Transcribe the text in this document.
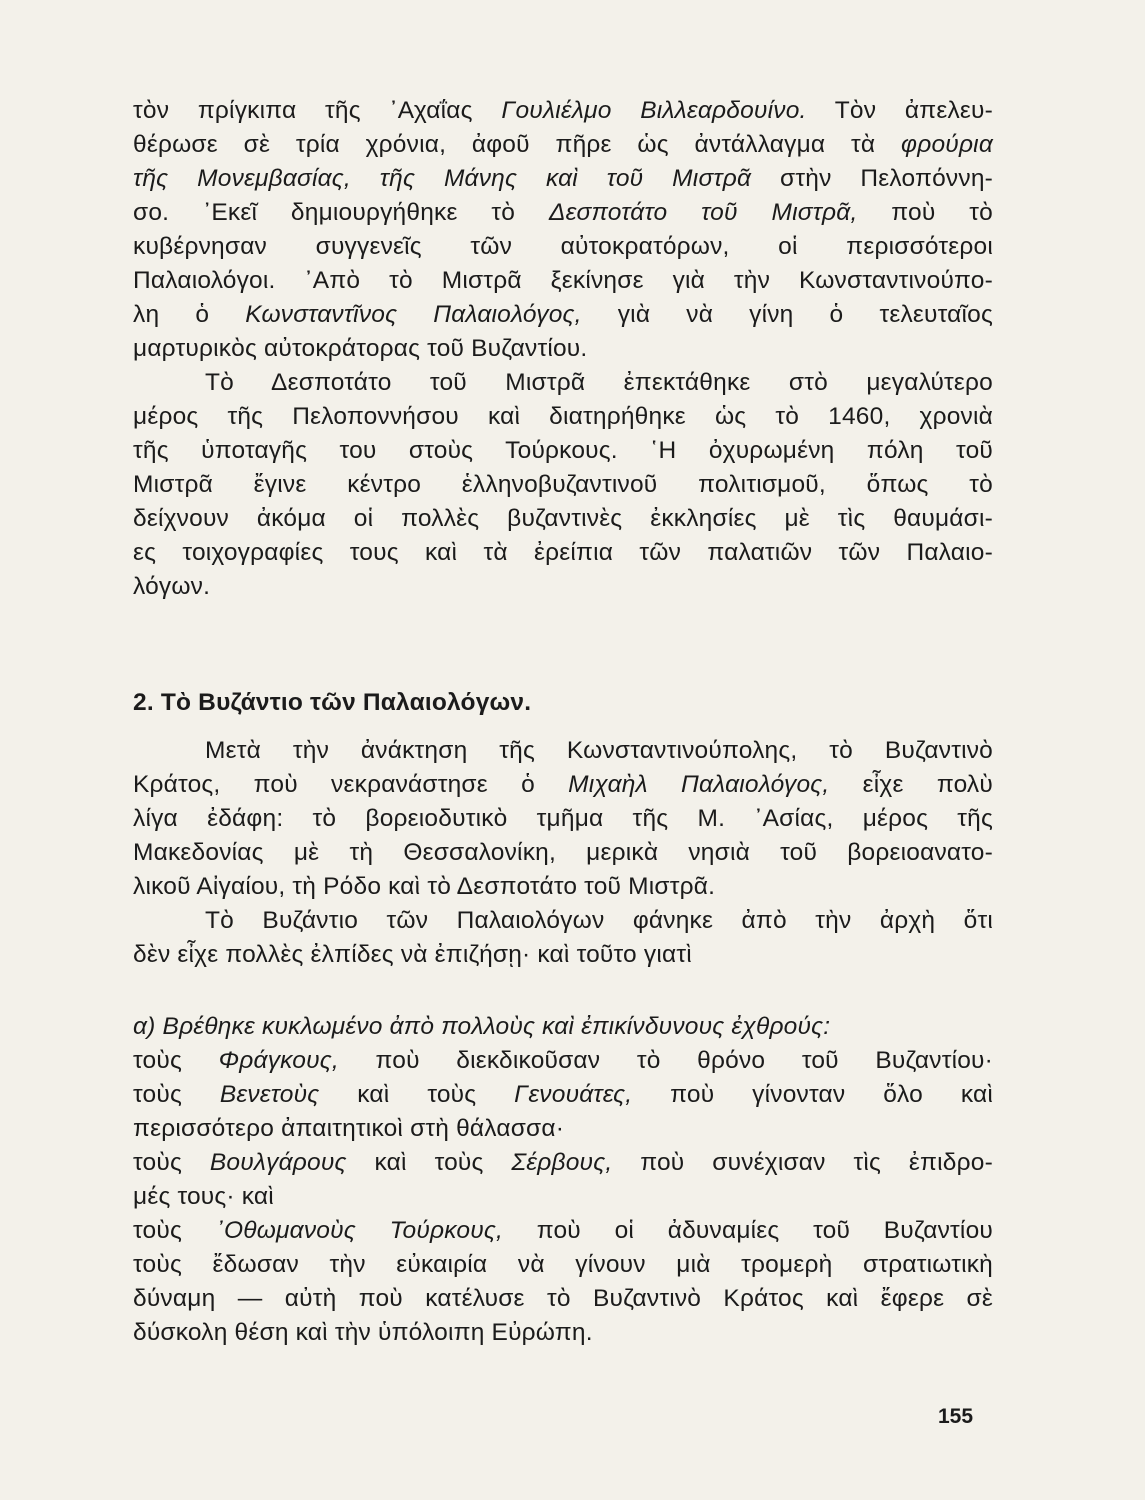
τὸν πρίγκιπα τῆς ᾿Αχαΐας Γουλιέλμο Βιλλεαρδουίνο. Τὸν ἀπελευ-
θέρωσε σὲ τρία χρόνια, ἀφοῦ πῆρε ὡς ἀντάλλαγμα τὰ φρούρια
τῆς Μονεμβασίας, τῆς Μάνης καὶ τοῦ Μιστρᾶ στὴν Πελοπόννη-
σο. ᾿Εκεῖ δημιουργήθηκε τὸ Δεσποτάτο τοῦ Μιστρᾶ, ποὺ τὸ
κυβέρνησαν συγγενεῖς τῶν αὐτοκρατόρων, οἱ περισσότεροι
Παλαιολόγοι. ᾿Απὸ τὸ Μιστρᾶ ξεκίνησε γιὰ τὴν Κωνσταντινούπο-
λη ὁ Κωνσταντῖνος Παλαιολόγος, γιὰ νὰ γίνη ὁ τελευταῖος
μαρτυρικὸς αὐτοκράτορας τοῦ Βυζαντίου.
Τὸ Δεσποτάτο τοῦ Μιστρᾶ ἐπεκτάθηκε στὸ μεγαλύτερο
μέρος τῆς Πελοποννήσου καὶ διατηρήθηκε ὡς τὸ 1460, χρονιὰ
τῆς ὑποταγῆς του στοὺς Τούρκους. ῾Η ὀχυρωμένη πόλη τοῦ
Μιστρᾶ ἔγινε κέντρο ἑλληνοβυζαντινοῦ πολιτισμοῦ, ὅπως τὸ
δείχνουν ἀκόμα οἱ πολλὲς βυζαντινὲς ἐκκλησίες μὲ τὶς θαυμάσι-
ες τοιχογραφίες τους καὶ τὰ ἐρείπια τῶν παλατιῶν τῶν Παλαιο-
λόγων.
2. Τὸ Βυζάντιο τῶν Παλαιολόγων.
Μετὰ τὴν ἀνάκτηση τῆς Κωνσταντινούπολης, τὸ Βυζαντινὸ
Κράτος, ποὺ νεκρανάστησε ὁ Μιχαὴλ Παλαιολόγος, εἶχε πολὺ
λίγα ἐδάφη: τὸ βορειοδυτικὸ τμῆμα τῆς Μ. ᾿Ασίας, μέρος τῆς
Μακεδονίας μὲ τὴ Θεσσαλονίκη, μερικὰ νησιὰ τοῦ βορειοανατο-
λικοῦ Αἰγαίου, τὴ Ρόδο καὶ τὸ Δεσποτάτο τοῦ Μιστρᾶ.
Τὸ Βυζάντιο τῶν Παλαιολόγων φάνηκε ἀπὸ τὴν ἀρχὴ ὅτι
δὲν εἶχε πολλὲς ἐλπίδες νὰ ἐπιζήσῃ· καὶ τοῦτο γιατὶ
α) Βρέθηκε κυκλωμένο ἀπὸ πολλοὺς καὶ ἐπικίνδυνους ἐχθρούς:
τοὺς Φράγκους, ποὺ διεκδικοῦσαν τὸ θρόνο τοῦ Βυζαντίου·
τοὺς Βενετοὺς καὶ τοὺς Γενουάτες, ποὺ γίνονταν ὅλο καὶ
περισσότερο ἀπαιτητικοὶ στὴ θάλασσα·
τοὺς Βουλγάρους καὶ τοὺς Σέρβους, ποὺ συνέχισαν τὶς ἐπιδρο-
μές τους· καὶ
τοὺς ᾿Οθωμανοὺς Τούρκους, ποὺ οἱ ἀδυναμίες τοῦ Βυζαντίου
τοὺς ἔδωσαν τὴν εὐκαιρία νὰ γίνουν μιὰ τρομερὴ στρατιωτικὴ
δύναμη — αὐτὴ ποὺ κατέλυσε τὸ Βυζαντινὸ Κράτος καὶ ἔφερε σὲ
δύσκολη θέση καὶ τὴν ὑπόλοιπη Εὐρώπη.
155
